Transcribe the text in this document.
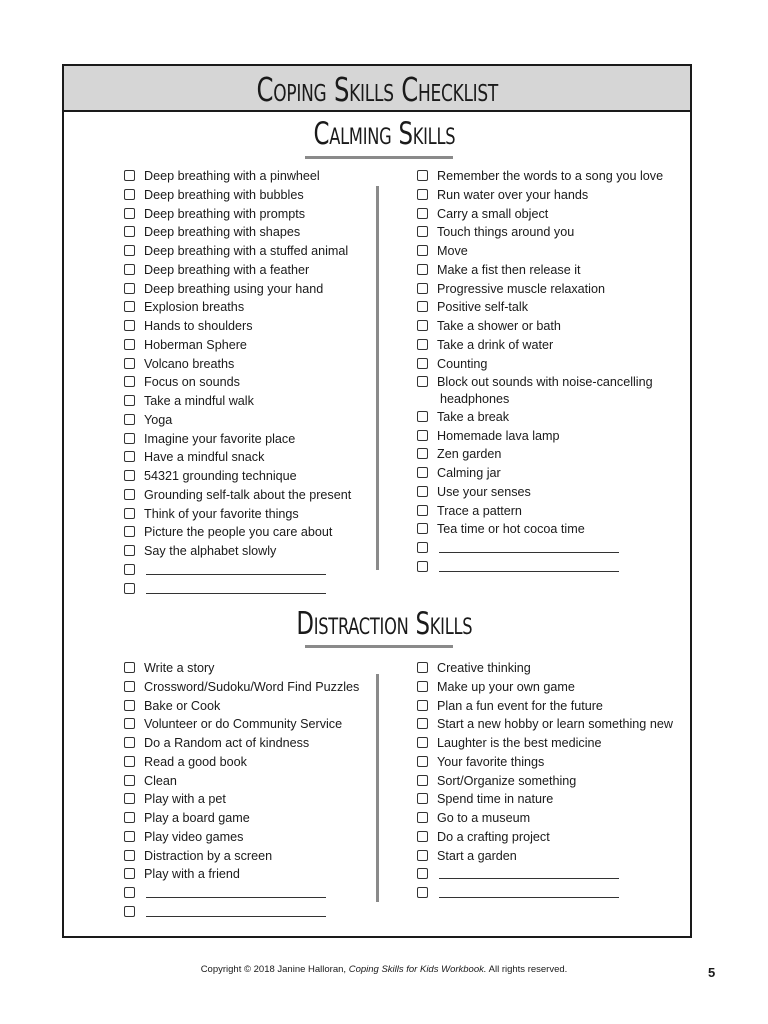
Coping Skills Checklist
Calming Skills
Deep breathing with a pinwheel
Deep breathing with bubbles
Deep breathing with prompts
Deep breathing with shapes
Deep breathing with a stuffed animal
Deep breathing with a feather
Deep breathing using your hand
Explosion breaths
Hands to shoulders
Hoberman Sphere
Volcano breaths
Focus on sounds
Take a mindful walk
Yoga
Imagine your favorite place
Have a mindful snack
54321 grounding technique
Grounding self-talk about the present
Think of your favorite things
Picture the people you care about
Say the alphabet slowly
Remember the words to a song you love
Run water over your hands
Carry a small object
Touch things around you
Move
Make a fist then release it
Progressive muscle relaxation
Positive self-talk
Take a shower or bath
Take a drink of water
Counting
Block out sounds with noise-cancelling
headphones
Take a break
Homemade lava lamp
Zen garden
Calming jar
Use your senses
Trace a pattern
Tea time or hot cocoa time
Distraction Skills
Write a story
Crossword/Sudoku/Word Find Puzzles
Bake or Cook
Volunteer or do Community Service
Do a Random act of kindness
Read a good book
Clean
Play with a pet
Play a board game
Play video games
Distraction by a screen
Play with a friend
Creative thinking
Make up your own game
Plan a fun event for the future
Start a new hobby or learn something new
Laughter is the best medicine
Your favorite things
Sort/Organize something
Spend time in nature
Go to a museum
Do a crafting project
Start a garden
Copyright © 2018 Janine Halloran, Coping Skills for Kids Workbook. All rights reserved.	5
